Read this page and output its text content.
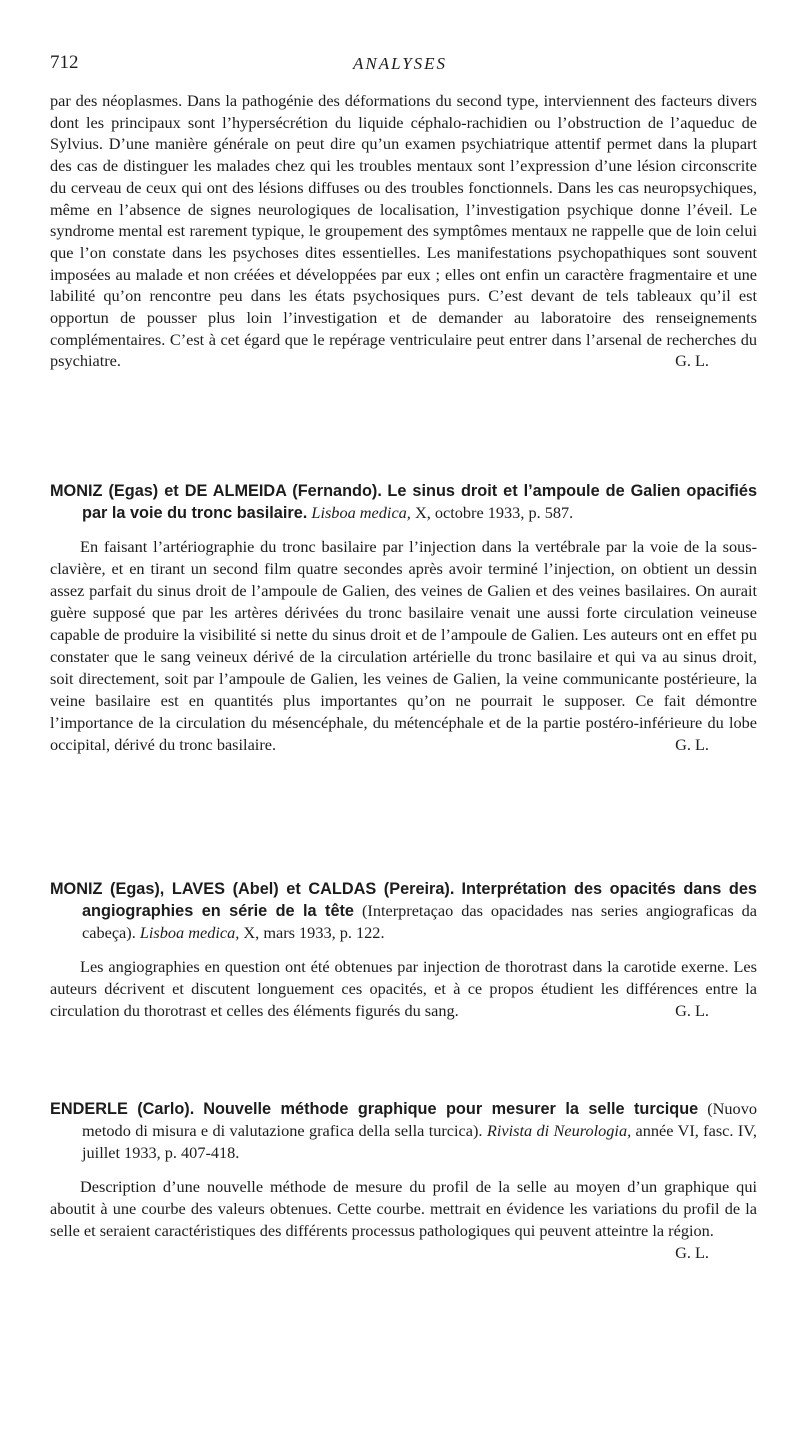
712	ANALYSES

par des néoplasmes. Dans la pathogénie des déformations du second type, interviennent des facteurs divers dont les principaux sont l’hypersécrétion du liquide céphalo-rachidien ou l’obstruction de l’aqueduc de Sylvius. D’une manière générale on peut dire qu’un examen psychiatrique attentif permet dans la plupart des cas de distinguer les malades chez qui les troubles mentaux sont l’expression d’une lésion circonscrite du cerveau de ceux qui ont des lésions diffuses ou des troubles fonctionnels. Dans les cas neuropsychiques, même en l’absence de signes neurologiques de localisation, l’investigation psychique donne l’éveil. Le syndrome mental est rarement typique, le groupement des symptômes mentaux ne rappelle que de loin celui que l’on constate dans les psychoses dites essentielles. Les manifestations psychopathiques sont souvent imposées au malade et non créées et développées par eux ; elles ont enfin un caractère fragmentaire et une labilité qu’on rencontre peu dans les états psychosiques purs. C’est devant de tels tableaux qu’il est opportun de pousser plus loin l’investigation et de demander au laboratoire des renseignements complémentaires. C’est à cet égard que le repérage ventriculaire peut entrer dans l’arsenal de recherches du psychiatre.	G. L.

MONIZ (Egas) et DE ALMEIDA (Fernando). Le sinus droit et l’ampoule de Galien opacifiés par la voie du tronc basilaire. Lisboa medica, X, octobre 1933, p. 587.
En faisant l’artériographie du tronc basilaire par l’injection dans la vertébrale par la voie de la sous-clavière, et en tirant un second film quatre secondes après avoir terminé l’injection, on obtient un dessin assez parfait du sinus droit de l’ampoule de Galien, des veines de Galien et des veines basilaires. On aurait guère supposé que par les artères dérivées du tronc basilaire venait une aussi forte circulation veineuse capable de produire la visibilité si nette du sinus droit et de l’ampoule de Galien. Les auteurs ont en effet pu constater que le sang veineux dérivé de la circulation artérielle du tronc basilaire et qui va au sinus droit, soit directement, soit par l’ampoule de Galien, les veines de Galien, la veine communicante postérieure, la veine basilaire est en quantités plus importantes qu’on ne pourrait le supposer. Ce fait démontre l’importance de la circulation du mésencéphale, du métencéphale et de la partie postéro-inférieure du lobe occipital, dérivé du tronc basilaire.	G. L.
MONIZ (Egas), LAVES (Abel) et CALDAS (Pereira). Interprétation des opacités dans des angiographies en série de la tête (Interpretaçao das opacidades nas series angiograficas da cabeça). Lisboa medica, X, mars 1933, p. 122.
Les angiographies en question ont été obtenues par injection de thorotrast dans la carotide exerne. Les auteurs décrivent et discutent longuement ces opacités, et à ce propos étudient les différences entre la circulation du thorotrast et celles des éléments figurés du sang.	G. L.
ENDERLE (Carlo). Nouvelle méthode graphique pour mesurer la selle turcique (Nuovo metodo di misura e di valutazione grafica della sella turcica). Rivista di Neurologia, année VI, fasc. IV, juillet 1933, p. 407-418.
Description d’une nouvelle méthode de mesure du profil de la selle au moyen d’un graphique qui aboutit à une courbe des valeurs obtenues. Cette courbe. mettrait en évidence les variations du profil de la selle et seraient caractéristiques des différents processus pathologiques qui peuvent atteintre la région.
G. L.
